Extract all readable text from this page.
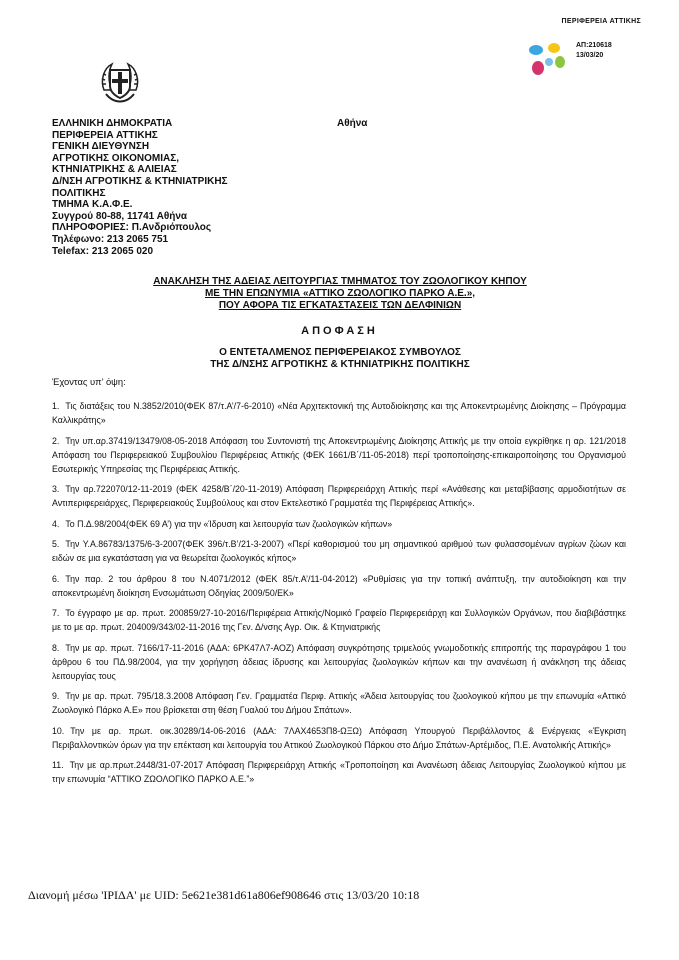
ΠΕΡΙΦΕΡΕΙΑ ΑΤΤΙΚΗΣ
ΑΠ:210618
13/03/20
ΕΛΛΗΝΙΚΗ ΔΗΜΟΚΡΑΤΙΑ
ΠΕΡΙΦΕΡΕΙΑ ΑΤΤΙΚΗΣ
ΓΕΝΙΚΗ ΔΙΕΥΘΥΝΣΗ
ΑΓΡΟΤΙΚΗΣ ΟΙΚΟΝΟΜΙΑΣ,
ΚΤΗΝΙΑΤΡΙΚΗΣ & ΑΛΙΕΙΑΣ
Δ/ΝΣΗ ΑΓΡΟΤΙΚΗΣ & ΚΤΗΝΙΑΤΡΙΚΗΣ
ΠΟΛΙΤΙΚΗΣ
ΤΜΗΜΑ Κ.Α.Φ.Ε.
Συγγρού 80-88, 11741 Αθήνα
ΠΛΗΡΟΦΟΡΙΕΣ: Π.Ανδριόπουλος
Τηλέφωνο: 213 2065 751
Telefax: 213 2065 020
Αθήνα
ΑΝΑΚΛΗΣΗ ΤΗΣ ΑΔΕΙΑΣ ΛΕΙΤΟΥΡΓΙΑΣ ΤΜΗΜΑΤΟΣ ΤΟΥ ΖΩΟΛΟΓΙΚΟΥ ΚΗΠΟΥ
ΜΕ ΤΗΝ ΕΠΩΝΥΜΙΑ «ΑΤΤΙΚΟ ΖΩΟΛΟΓΙΚΟ ΠΑΡΚΟ Α.Ε.»,
ΠΟΥ ΑΦΟΡΑ ΤΙΣ ΕΓΚΑΤΑΣΤΑΣΕΙΣ ΤΩΝ ΔΕΛΦΙΝΙΩΝ
ΑΠΟΦΑΣΗ
Ο ΕΝΤΕΤΑΛΜΕΝΟΣ ΠΕΡΙΦΕΡΕΙΑΚΟΣ ΣΥΜΒΟΥΛΟΣ
ΤΗΣ Δ/ΝΣΗΣ ΑΓΡΟΤΙΚΗΣ & ΚΤΗΝΙΑΤΡΙΚΗΣ ΠΟΛΙΤΙΚΗΣ
Έχοντας υπ’ όψη:
1. Τις διατάξεις του Ν.3852/2010(ΦΕΚ 87/τ.Α’/7-6-2010) «Νέα Αρχιτεκτονική της Αυτοδιοίκησης και της Αποκεντρωμένης Διοίκησης – Πρόγραμμα Καλλικράτης»
2. Την υπ.αρ.37419/13479/08-05-2018 Απόφαση του Συντονιστή της Αποκεντρωμένης Διοίκησης Αττικής με την οποία εγκρίθηκε η αρ. 121/2018 Απόφαση του Περιφερειακού Συμβουλίου Περιφέρειας Αττικής (ΦΕΚ 1661/Β΄/11-05-2018) περί τροποποίησης-επικαιροποίησης του Οργανισμού Εσωτερικής Υπηρεσίας της Περιφέρειας Αττικής.
3. Την αρ.722070/12-11-2019 (ΦΕΚ 4258/Β΄/20-11-2019) Απόφαση Περιφερειάρχη Αττικής περί «Ανάθεσης και μεταβίβασης αρμοδιοτήτων σε Αντιπεριφερειάρχες, Περιφερειακούς Συμβούλους και στον Εκτελεστικό Γραμματέα της Περιφέρειας Αττικής».
4. Το Π.Δ.98/2004(ΦΕΚ 69 Α’) για την «Ίδρυση και λειτουργία των ζωολογικών κήπων»
5. Την Υ.Α.86783/1375/6-3-2007(ΦΕΚ 396/τ.Β’/21-3-2007) «Περί καθορισμού του μη σημαντικού αριθμού των φυλασσομένων αγρίων ζώων και ειδών σε μια εγκατάσταση για να θεωρείται ζωολογικός κήπος»
6. Την παρ. 2 του άρθρου 8 του Ν.4071/2012 (ΦΕΚ 85/τ.Α’/11-04-2012) «Ρυθμίσεις για την τοπική ανάπτυξη, την αυτοδιοίκηση και την αποκεντρωμένη διοίκηση Ενσωμάτωση Οδηγίας 2009/50/ΕΚ»
7. Το έγγραφο με αρ. πρωτ. 200859/27-10-2016/Περιφέρεια Αττικής/Νομικό Γραφείο Περιφερειάρχη και Συλλογικών Οργάνων, που διαβιβάστηκε με το με αρ. πρωτ. 204009/343/02-11-2016 της Γεν. Δ/νσης Αγρ. Οικ. & Κτηνιατρικής
8. Την με αρ. πρωτ. 7166/17-11-2016 (ΑΔΑ: 6ΡΚ47Λ7-ΑΟΖ) Απόφαση συγκρότησης τριμελούς γνωμοδοτικής επιτροπής της παραγράφου 1 του άρθρου 6 του ΠΔ.98/2004, για την χορήγηση άδειας ίδρυσης και λειτουργίας ζωολογικών κήπων και την ανανέωση ή ανάκληση της άδειας λειτουργίας τους
9. Την με αρ. πρωτ. 795/18.3.2008 Απόφαση Γεν. Γραμματέα Περιφ. Αττικής «Άδεια λειτουργίας του ζωολογικού κήπου με την επωνυμία «Αττικό Ζωολογικό Πάρκο Α.Ε» που βρίσκεται στη θέση Γυαλού του Δήμου Σπάτων».
10. Την με αρ. πρωτ. οικ.30289/14-06-2016 (ΑΔΑ: 7ΛΑΧ4653Π8-ΩΞΩ) Απόφαση Υπουργού Περιβάλλοντος & Ενέργειας «Έγκριση Περιβαλλοντικών όρων για την επέκταση και λειτουργία του Αττικού Ζωολογικού Πάρκου στο Δήμο Σπάτων-Αρτέμιδος, Π.Ε. Ανατολικής Αττικής»
11. Την με αρ.πρωτ.2448/31-07-2017 Απόφαση Περιφερειάρχη Αττικής «Τροποποίηση και Ανανέωση άδειας Λειτουργίας Ζωολογικού κήπου με την επωνυμία “ΑΤΤΙΚΟ ΖΩΟΛΟΓΙΚΟ ΠΑΡΚΟ Α.Ε.”»
Διανομή μέσω 'ΙΡΙΔΑ' με UID: 5e621e381d61a806ef908646 στις 13/03/20 10:18
